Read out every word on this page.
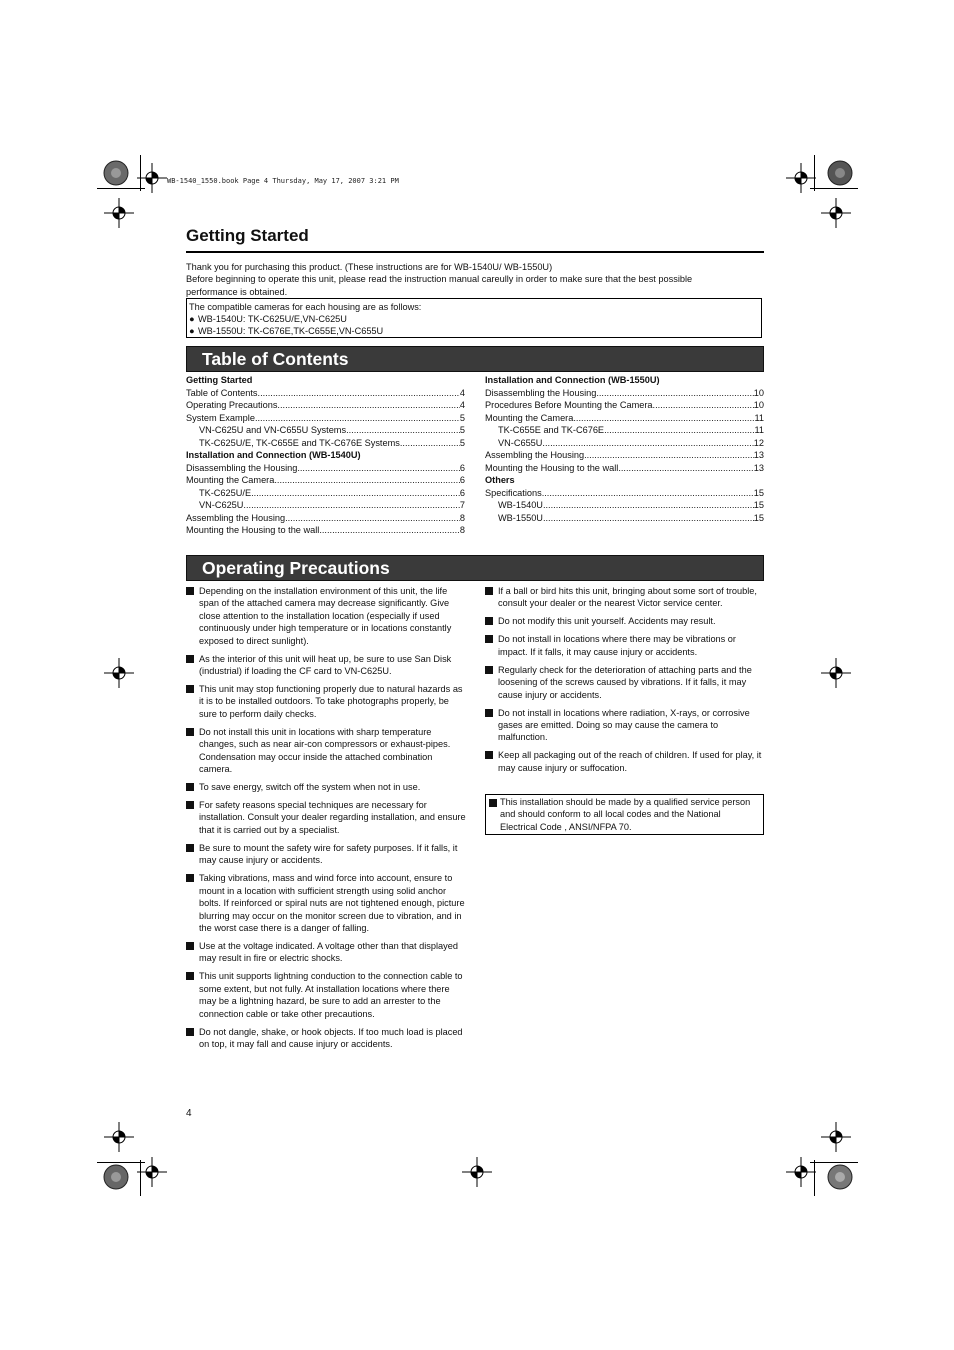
WB-1540_1550.book Page 4 Thursday, May 17, 2007 3:21 PM
Getting Started
Thank you for purchasing this product. (These instructions are for WB-1540U/ WB-1550U)
Before beginning to operate this unit, please read the instruction manual careully in order to make sure that the best possible
performance is obtained.
The compatible cameras for each housing are as follows:
● WB-1540U: TK-C625U/E,VN-C625U
● WB-1550U: TK-C676E,TK-C655E,VN-C655U
Table of Contents
Getting Started
Table of Contents .....	4
Operating Precautions .....	4
System Example .....	5
VN-C625U and VN-C655U Systems .....	5
TK-C625U/E, TK-C655E and TK-C676E Systems .....	5
Installation and Connection (WB-1540U)
Disassembling the Housing .....	6
Mounting the Camera .....	6
TK-C625U/E .....	6
VN-C625U .....	7
Assembling the Housing .....	8
Mounting the Housing to the wall .....	8
Installation and Connection (WB-1550U)
Disassembling the Housing .....	10
Procedures Before Mounting the Camera .....	10
Mounting the Camera .....	11
TK-C655E and TK-C676E .....	11
VN-C655U .....	12
Assembling the Housing .....	13
Mounting the Housing to the wall .....	13
Others
Specifications .....	15
WB-1540U .....	15
WB-1550U .....	15
Operating Precautions
Depending on the installation environment of this unit, the life span of the attached camera may decrease significantly. Give close attention to the installation location (especially if used continuously under high temperature or in locations constantly exposed to direct sunlight).
As the interior of this unit will heat up, be sure to use San Disk (industrial) if loading the CF card to VN-C625U.
This unit may stop functioning properly due to natural hazards as it is to be installed outdoors. To take photographs properly, be sure to perform daily checks.
Do not install this unit in locations with sharp temperature changes, such as near air-con compressors or exhaust-pipes. Condensation may occur inside the attached combination camera.
To save energy, switch off the system when not in use.
For safety reasons special techniques are necessary for installation. Consult your dealer regarding installation, and ensure that it is carried out by a specialist.
Be sure to mount the safety wire for safety purposes. If it falls, it may cause injury or accidents.
Taking vibrations, mass and wind force into account, ensure to mount in a location with sufficient strength using solid anchor bolts. If reinforced or spiral nuts are not tightened enough, picture blurring may occur on the monitor screen due to vibration, and in the worst case there is a danger of falling.
Use at the voltage indicated. A voltage other than that displayed may result in fire or electric shocks.
This unit supports lightning conduction to the connection cable to some extent, but not fully. At installation locations where there may be a lightning hazard, be sure to add an arrester to the connection cable or take other precautions.
Do not dangle, shake, or hook objects. If too much load is placed on top, it may fall and cause injury or accidents.
If a ball or bird hits this unit, bringing about some sort of trouble, consult your dealer or the nearest Victor service center.
Do not modify this unit yourself. Accidents may result.
Do not install in locations where there may be vibrations or impact. If it falls, it may cause injury or accidents.
Regularly check for the deterioration of attaching parts and the loosening of the screws caused by vibrations. If it falls, it may cause injury or accidents.
Do not install in locations where radiation, X-rays, or corrosive gases are emitted. Doing so may cause the camera to malfunction.
Keep all packaging out of the reach of children. If used for play, it may cause injury or suffocation.
This installation should be made by a qualified service person and should conform to all local codes and the National Electrical Code , ANSI/NFPA 70.
4
